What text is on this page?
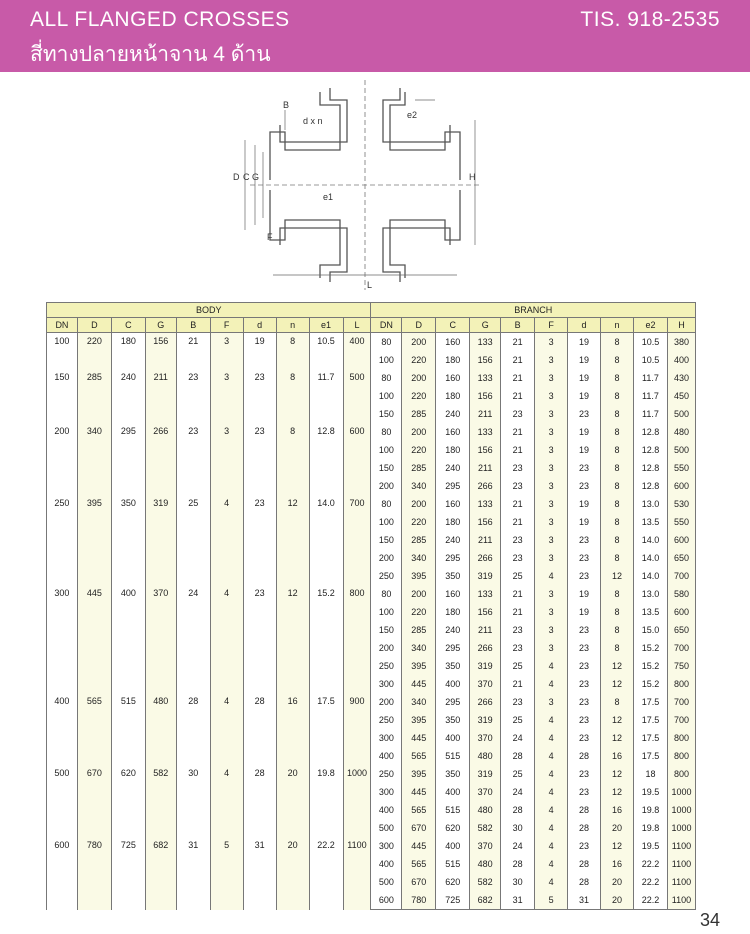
ALL FLANGED CROSSES
สี่ทางปลายหน้าจาน 4 ด้าน
TIS. 918-2535
B
d x n
e2
D C G
e1
H
F
L
BODY										BRANCH									
DN	D	C	G	B	F	d	n	e1	L	DN	D	C	G	B	F	d	n	e2	H
100	220	180	156	21	3	19	8	10.5	400	80	200	160	133	21	3	19	8	10.5	380
										100	220	180	156	21	3	19	8	10.5	400
150	285	240	211	23	3	23	8	11.7	500	80	200	160	133	21	3	19	8	11.7	430
										100	220	180	156	21	3	19	8	11.7	450
										150	285	240	211	23	3	23	8	11.7	500
200	340	295	266	23	3	23	8	12.8	600	80	200	160	133	21	3	19	8	12.8	480
										100	220	180	156	21	3	19	8	12.8	500
										150	285	240	211	23	3	23	8	12.8	550
										200	340	295	266	23	3	23	8	12.8	600
250	395	350	319	25	4	23	12	14.0	700	80	200	160	133	21	3	19	8	13.0	530
										100	220	180	156	21	3	19	8	13.5	550
										150	285	240	211	23	3	23	8	14.0	600
										200	340	295	266	23	3	23	8	14.0	650
										250	395	350	319	25	4	23	12	14.0	700
300	445	400	370	24	4	23	12	15.2	800	80	200	160	133	21	3	19	8	13.0	580
										100	220	180	156	21	3	19	8	13.5	600
										150	285	240	211	23	3	23	8	15.0	650
										200	340	295	266	23	3	23	8	15.2	700
										250	395	350	319	25	4	23	12	15.2	750
										300	445	400	370	21	4	23	12	15.2	800
400	565	515	480	28	4	28	16	17.5	900	200	340	295	266	23	3	23	8	17.5	700
										250	395	350	319	25	4	23	12	17.5	700
										300	445	400	370	24	4	23	12	17.5	800
										400	565	515	480	28	4	28	16	17.5	800
500	670	620	582	30	4	28	20	19.8	1000	250	395	350	319	25	4	23	12	18	800
										300	445	400	370	24	4	23	12	19.5	1000
										400	565	515	480	28	4	28	16	19.8	1000
										500	670	620	582	30	4	28	20	19.8	1000
600	780	725	682	31	5	31	20	22.2	1100	300	445	400	370	24	4	23	12	19.5	1100
										400	565	515	480	28	4	28	16	22.2	1100
										500	670	620	582	30	4	28	20	22.2	1100
										600	780	725	682	31	5	31	20	22.2	1100
34
